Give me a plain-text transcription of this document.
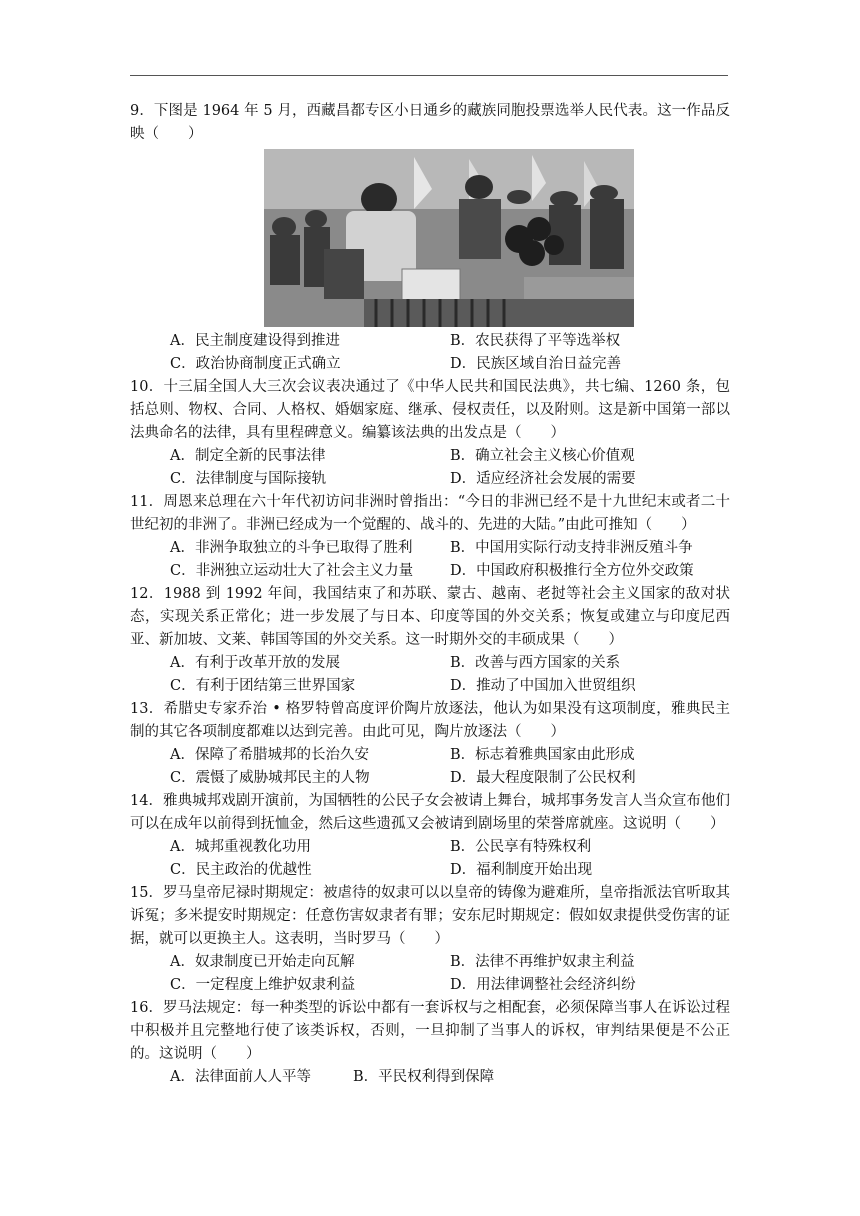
9．下图是 1964 年 5 月，西藏昌都专区小日通乡的藏族同胞投票选举人民代表。这一作品反映（　　）

A．民主制度建设得到推进	B．农民获得了平等选举权
C．政治协商制度正式确立	D．民族区域自治日益完善

10．十三届全国人大三次会议表决通过了《中华人民共和国民法典》，共七编、1260 条，包括总则、物权、合同、人格权、婚姻家庭、继承、侵权责任，以及附则。这是新中国第一部以法典命名的法律，具有里程碑意义。编纂该法典的出发点是（　　）

A．制定全新的民事法律	B．确立社会主义核心价值观
C．法律制度与国际接轨	D．适应经济社会发展的需要

11．周恩来总理在六十年代初访问非洲时曾指出：“今日的非洲已经不是十九世纪末或者二十世纪初的非洲了。非洲已经成为一个觉醒的、战斗的、先进的大陆。”由此可推知（　　）

A．非洲争取独立的斗争已取得了胜利	B．中国用实际行动支持非洲反殖斗争
C．非洲独立运动壮大了社会主义力量	D．中国政府积极推行全方位外交政策

12．1988 到 1992 年间，我国结束了和苏联、蒙古、越南、老挝等社会主义国家的敌对状态，实现关系正常化；进一步发展了与日本、印度等国的外交关系；恢复或建立与印度尼西亚、新加坡、文莱、韩国等国的外交关系。这一时期外交的丰硕成果（　　）

A．有利于改革开放的发展	B．改善与西方国家的关系
C．有利于团结第三世界国家	D．推动了中国加入世贸组织

13．希腊史专家乔治 • 格罗特曾高度评价陶片放逐法，他认为如果没有这项制度，雅典民主制的其它各项制度都难以达到完善。由此可见，陶片放逐法（　　）

A．保障了希腊城邦的长治久安	B．标志着雅典国家由此形成
C．震慑了威胁城邦民主的人物	D．最大程度限制了公民权利

14．雅典城邦戏剧开演前，为国牺牲的公民子女会被请上舞台，城邦事务发言人当众宣布他们可以在成年以前得到抚恤金，然后这些遗孤又会被请到剧场里的荣誉席就座。这说明（　　）

A．城邦重视教化功用	B．公民享有特殊权利
C．民主政治的优越性	D．福利制度开始出现

15．罗马皇帝尼禄时期规定：被虐待的奴隶可以以皇帝的铸像为避难所，皇帝指派法官听取其诉冤；多米提安时期规定：任意伤害奴隶者有罪；安东尼时期规定：假如奴隶提供受伤害的证据，就可以更换主人。这表明，当时罗马（　　）

A．奴隶制度已开始走向瓦解	B．法律不再维护奴隶主利益
C．一定程度上维护奴隶利益	D．用法律调整社会经济纠纷

16．罗马法规定：每一种类型的诉讼中都有一套诉权与之相配套，必须保障当事人在诉讼过程中积极并且完整地行使了该类诉权，否则，一旦抑制了当事人的诉权，审判结果便是不公正的。这说明（　　）

A．法律面前人人平等	B．平民权利得到保障
